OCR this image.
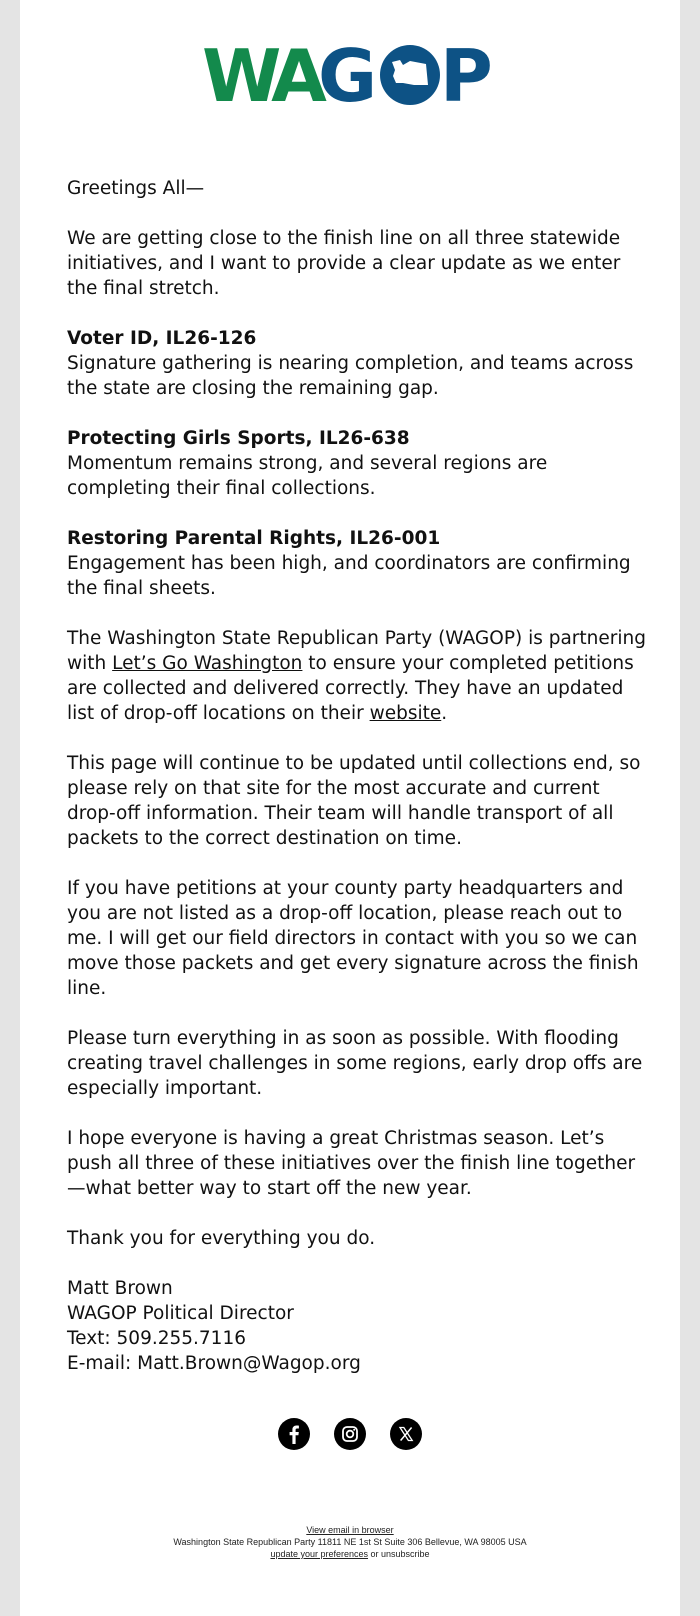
WA
G P

Greetings All—

We are getting close to the finish line on all three statewide initiatives, and I want to provide a clear update as we enter the final stretch.

Voter ID, IL26-126
Signature gathering is nearing completion, and teams across the state are closing the remaining gap.

Protecting Girls Sports, IL26-638
Momentum remains strong, and several regions are completing their final collections.

Restoring Parental Rights, IL26-001
Engagement has been high, and coordinators are confirming the final sheets.

The Washington State Republican Party (WAGOP) is partnering with Let’s Go Washington to ensure your completed petitions are collected and delivered correctly. They have an updated list of drop-off locations on their website.

This page will continue to be updated until collections end, so please rely on that site for the most accurate and current drop-off information. Their team will handle transport of all packets to the correct destination on time.

If you have petitions at your county party headquarters and you are not listed as a drop-off location, please reach out to me. I will get our field directors in contact with you so we can move those packets and get every signature across the finish line.

Please turn everything in as soon as possible. With flooding creating travel challenges in some regions, early drop offs are especially important.

I hope everyone is having a great Christmas season. Let’s push all three of these initiatives over the finish line together—what better way to start off the new year.

Thank you for everything you do.

Matt Brown
WAGOP Political Director
Text: 509.255.7116
E-mail: Matt.Brown@Wagop.org

View email in browser
Washington State Republican Party 11811 NE 1st St Suite 306 Bellevue, WA 98005 USA
update your preferences or unsubscribe
